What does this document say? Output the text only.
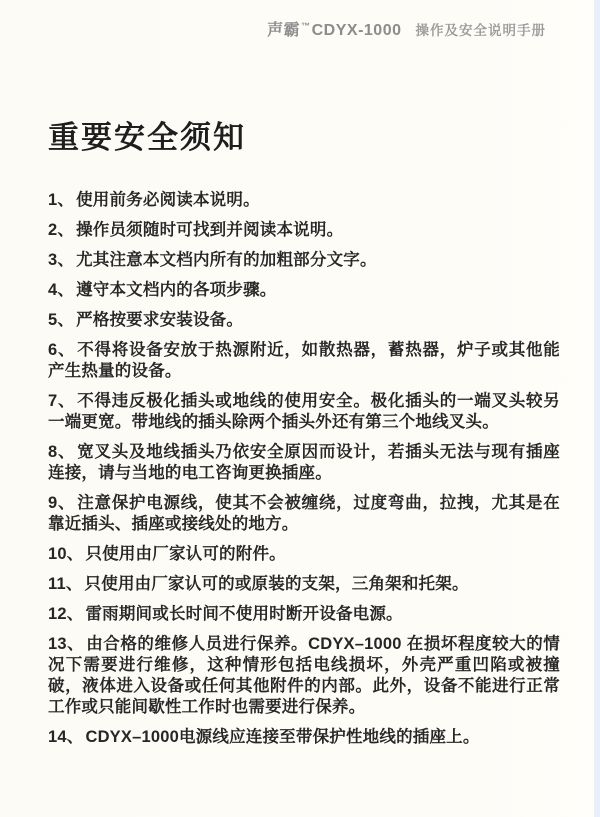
声霸™CDYX-1000 操作及安全说明手册
重要安全须知

1、 使用前务必阅读本说明。

2、 操作员须随时可找到并阅读本说明。

3、 尤其注意本文档内所有的加粗部分文字。

4、 遵守本文档内的各项步骤。

5、 严格按要求安装设备。

6、 不得将设备安放于热源附近，如散热器，蓄热器，炉子或其他能产生热量的设备。

7、 不得违反极化插头或地线的使用安全。极化插头的一端叉头较另一端更宽。带地线的插头除两个插头外还有第三个地线叉头。

8、 宽叉头及地线插头乃依安全原因而设计，若插头无法与现有插座连接，请与当地的电工咨询更换插座。

9、 注意保护电源线，使其不会被缠绕，过度弯曲，拉拽，尤其是在靠近插头、插座或接线处的地方。

10、 只使用由厂家认可的附件。

11、 只使用由厂家认可的或原装的支架，三角架和托架。

12、 雷雨期间或长时间不使用时断开设备电源。

13、 由合格的维修人员进行保养。CDYX–1000 在损坏程度较大的情况下需要进行维修，这种情形包括电线损坏，外壳严重凹陷或被撞破，液体进入设备或任何其他附件的内部。此外，设备不能进行正常工作或只能间歇性工作时也需要进行保养。

14、 CDYX–1000电源线应连接至带保护性地线的插座上。
